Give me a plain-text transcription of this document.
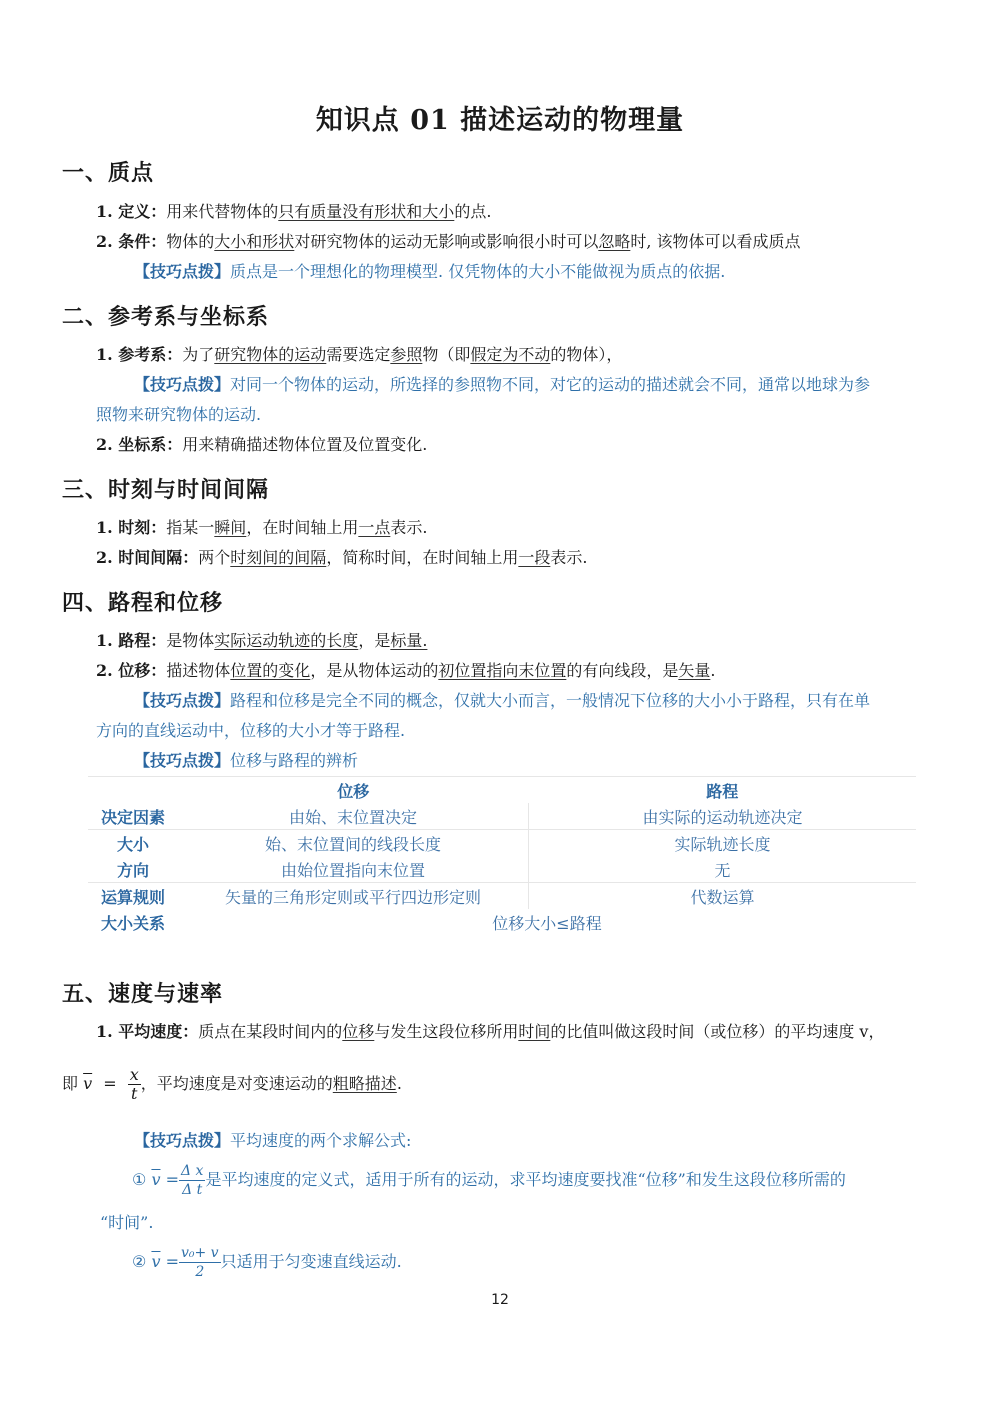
知识点 01 描述运动的物理量
一、质点
1. 定义：用来代替物体的只有质量没有形状和大小的点.
2. 条件：物体的大小和形状对研究物体的运动无影响或影响很小时可以忽略时, 该物体可以看成质点
【技巧点拨】质点是一个理想化的物理模型. 仅凭物体的大小不能做视为质点的依据.
二、参考系与坐标系
1. 参考系：为了研究物体的运动需要选定参照物（即假定为不动的物体），
【技巧点拨】对同一个物体的运动，所选择的参照物不同，对它的运动的描述就会不同，通常以地球为参
照物来研究物体的运动.
2. 坐标系：用来精确描述物体位置及位置变化.
三、时刻与时间间隔
1. 时刻：指某一瞬间，在时间轴上用一点表示.
2. 时间间隔：两个时刻间的间隔，简称时间，在时间轴上用一段表示.
四、路程和位移
1. 路程：是物体实际运动轨迹的长度，是标量.
2. 位移：描述物体位置的变化，是从物体运动的初位置指向末位置的有向线段，是矢量.
【技巧点拨】路程和位移是完全不同的概念，仅就大小而言，一般情况下位移的大小小于路程，只有在单
方向的直线运动中，位移的大小才等于路程.
【技巧点拨】位移与路程的辨析
	位移	路程
决定因素	由始、末位置决定	由实际的运动轨迹决定
大小	始、末位置间的线段长度	实际轨迹长度
方向	由始位置指向末位置	无
运算规则	矢量的三角形定则或平行四边形定则	代数运算
大小关系	位移大小≤路程	
五、速度与速率
1. 平均速度：质点在某段时间内的位移与发生这段位移所用时间的比值叫做这段时间（或位移）的平均速度 v，
即 $\overline{v} = \frac{x}{t}$ ，平均速度是对变速运动的粗略描述.
【技巧点拨】平均速度的两个求解公式:
① $\overline{v} = \frac{\text{Δ x}}{\text{Δ t}}$ 是平均速度的定义式，适用于所有的运动，求平均速度要找准“位移”和发生这段位移所需的
“时间”.
② $\overline{v} = \frac{\text{v₀+ v}}{2}$ 只适用于匀变速直线运动.
12
